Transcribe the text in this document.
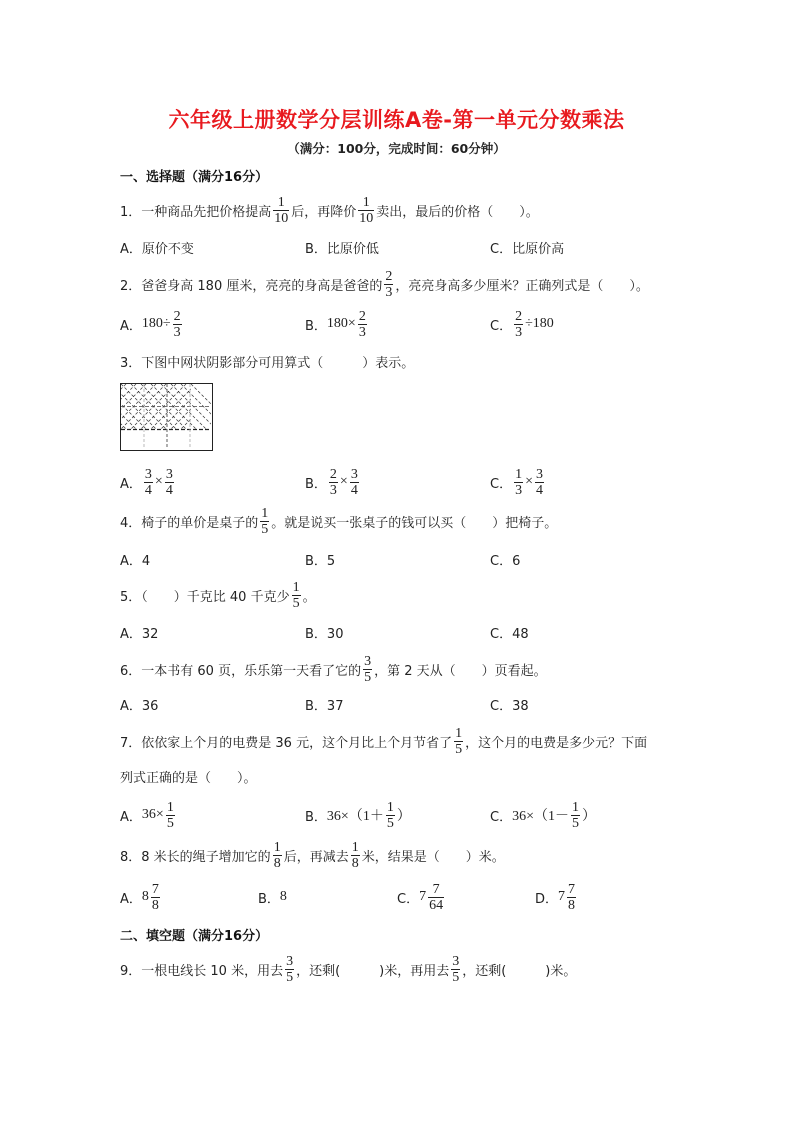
六年级上册数学分层训练A卷-第一单元分数乘法
（满分：100分，完成时间：60分钟）
一、选择题（满分16分）
1．一种商品先把价格提高 $\frac{1}{10}$ 后，再降价 $\frac{1}{10}$ 卖出，最后的价格（　　）。
A．原价不变	B．比原价低	C．比原价高
2．爸爸身高 180 厘米，亮亮的身高是爸爸的 $\frac{2}{3}$ ，亮亮身高多少厘米？正确列式是（　　）。
A． $180\div \frac{2}{3}$	B． $180\times \frac{2}{3}$	C． $\frac{2}{3} \div 180$
3．下图中网状阴影部分可用算式（　　　）表示。
A． $\frac{3}{4} \times \frac{3}{4}$	B． $\frac{2}{3} \times \frac{3}{4}$	C． $\frac{1}{3} \times \frac{3}{4}$
4．椅子的单价是桌子的 $\frac{1}{5}$ 。就是说买一张桌子的钱可以买（　　）把椅子。
A．4	B．5	C．6
5．（　　）千克比 40 千克少 $\frac{1}{5}$ 。
A．32	B．30	C．48
6．一本书有 60 页，乐乐第一天看了它的 $\frac{3}{5}$ ，第 2 天从（　　）页看起。
A．36	B．37	C．38
7．依依家上个月的电费是 36 元，这个月比上个月节省了 $\frac{1}{5}$ ，这个月的电费是多少元？下面
列式正确的是（　　）。
A． $36\times \frac{1}{5}$	B． $36\times(1+ \frac{1}{5}$ ）	C． $36\times(1- \frac{1}{5}$ ）
8．8 米长的绳子增加它的 $\frac{1}{8}$ 后，再减去 $\frac{1}{8}$ 米，结果是（　　）米。
A． $8 \frac{7}{8}$	B． 8	C． $7 \frac{7}{64}$	D． $7 \frac{7}{8}$
二、填空题（满分16分）
9．一根电线长 10 米，用去 $\frac{3}{5}$ ，还剩(　　　)米，再用去 $\frac{3}{5}$ ，还剩(　　　)米。
